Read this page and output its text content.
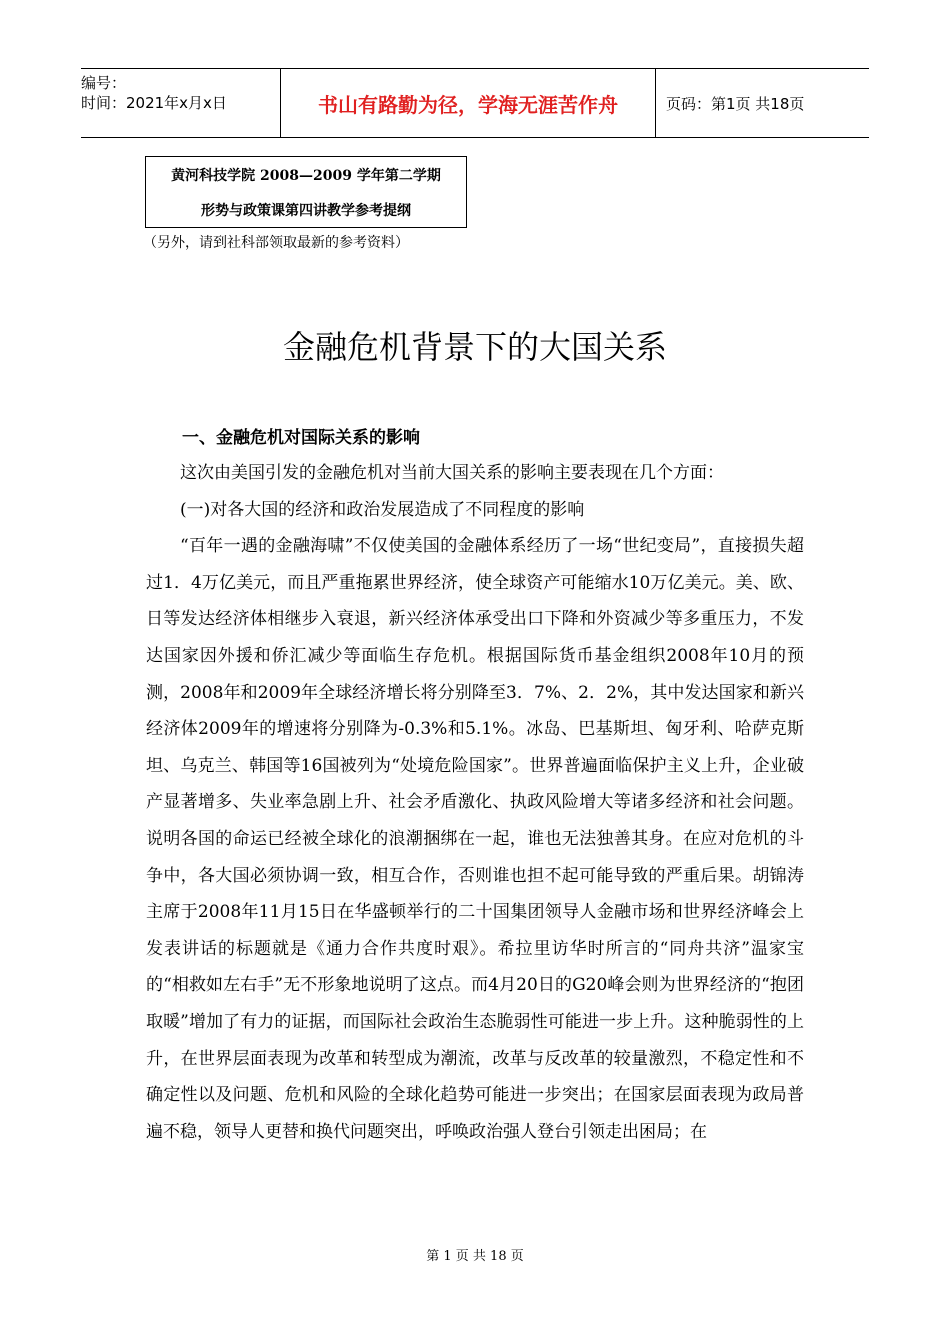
编号：
时间：2021年x月x日	书山有路勤为径，学海无涯苦作舟	页码：第1页 共18页
黄河科技学院 2008—2009 学年第二学期
形势与政策课第四讲教学参考提纲
（另外，请到社科部领取最新的参考资料）
金融危机背景下的大国关系
一、金融危机对国际关系的影响

这次由美国引发的金融危机对当前大国关系的影响主要表现在几个方面：

(一)对各大国的经济和政治发展造成了不同程度的影响

“百年一遇的金融海啸”不仅使美国的金融体系经历了一场“世纪变局”，直接损失超过1．4万亿美元，而且严重拖累世界经济，使全球资产可能缩水10万亿美元。美、欧、日等发达经济体相继步入衰退，新兴经济体承受出口下降和外资减少等多重压力，不发达国家因外援和侨汇减少等面临生存危机。根据国际货币基金组织2008年10月的预测，2008年和2009年全球经济增长将分别降至3．7%、2．2%，其中发达国家和新兴经济体2009年的增速将分别降为-0.3%和5.1%。冰岛、巴基斯坦、匈牙利、哈萨克斯坦、乌克兰、韩国等16国被列为“处境危险国家”。世界普遍面临保护主义上升，企业破产显著增多、失业率急剧上升、社会矛盾激化、执政风险增大等诸多经济和社会问题。说明各国的命运已经被全球化的浪潮捆绑在一起，谁也无法独善其身。在应对危机的斗争中，各大国必须协调一致，相互合作，否则谁也担不起可能导致的严重后果。胡锦涛主席于2008年11月15日在华盛顿举行的二十国集团领导人金融市场和世界经济峰会上发表讲话的标题就是《通力合作共度时艰》。希拉里访华时所言的“同舟共济”温家宝的“相救如左右手”无不形象地说明了这点。而4月20日的G20峰会则为世界经济的“抱团取暖”增加了有力的证据，而国际社会政治生态脆弱性可能进一步上升。这种脆弱性的上升，在世界层面表现为改革和转型成为潮流，改革与反改革的较量激烈，不稳定性和不确定性以及问题、危机和风险的全球化趋势可能进一步突出；在国家层面表现为政局普遍不稳，领导人更替和换代问题突出，呼唤政治强人登台引领走出困局；在

第 1 页 共 18 页
